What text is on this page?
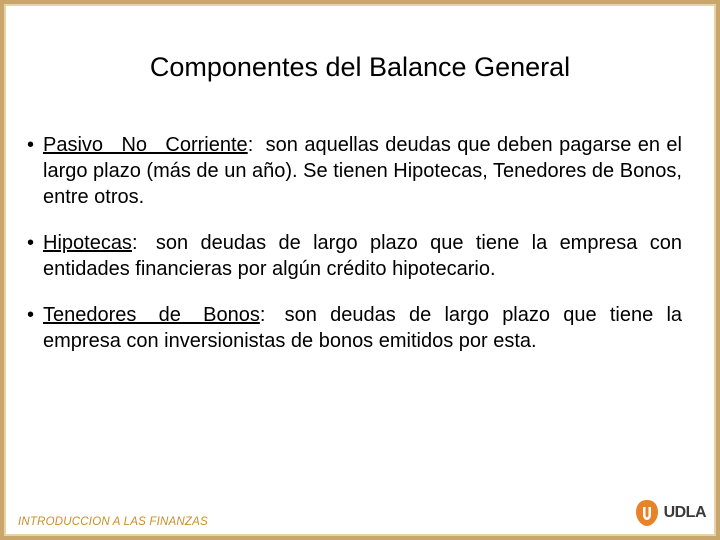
Componentes del Balance General
• Pasivo No Corriente: son aquellas deudas que deben pagarse en el largo plazo (más de un año). Se tienen Hipotecas, Tenedores de Bonos, entre otros.
• Hipotecas: son deudas de largo plazo que tiene la empresa con entidades financieras por algún crédito hipotecario.
• Tenedores de Bonos: son deudas de largo plazo que tiene la empresa con inversionistas de bonos emitidos por esta.
INTRODUCCION A LAS FINANZAS
UDLA
